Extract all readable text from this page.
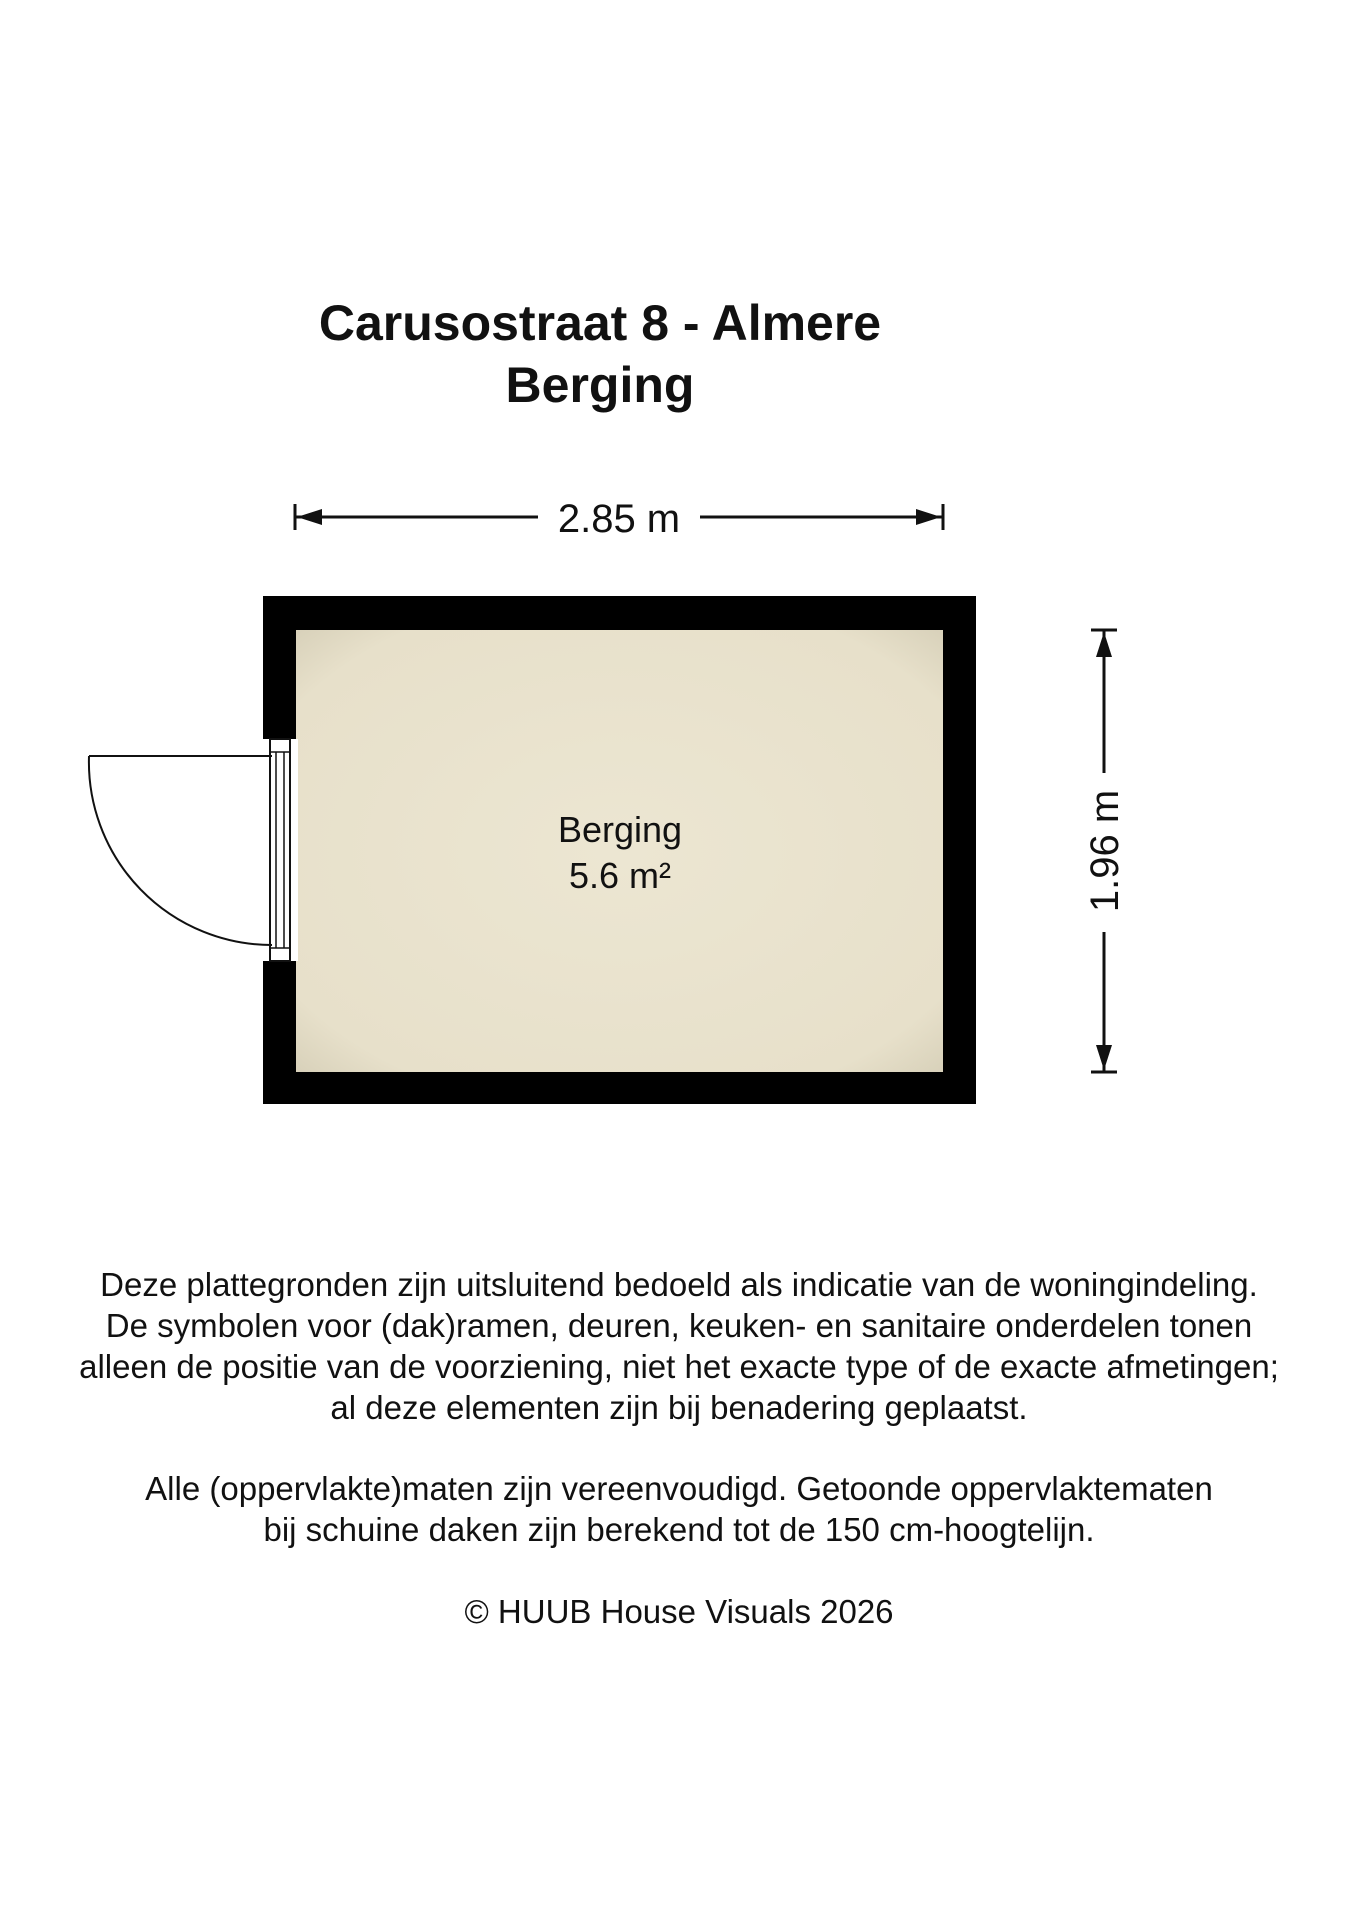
Carusostraat 8 - Almere
Berging
2.85 m
1.96 m
Berging
5.6 m²
Deze plattegronden zijn uitsluitend bedoeld als indicatie van de woningindeling.
De symbolen voor (dak)ramen, deuren, keuken- en sanitaire onderdelen tonen
alleen de positie van de voorziening, niet het exacte type of de exacte afmetingen;
al deze elementen zijn bij benadering geplaatst.
Alle (oppervlakte)maten zijn vereenvoudigd. Getoonde oppervlaktematen
bij schuine daken zijn berekend tot de 150 cm-hoogtelijn.
© HUUB House Visuals 2026
